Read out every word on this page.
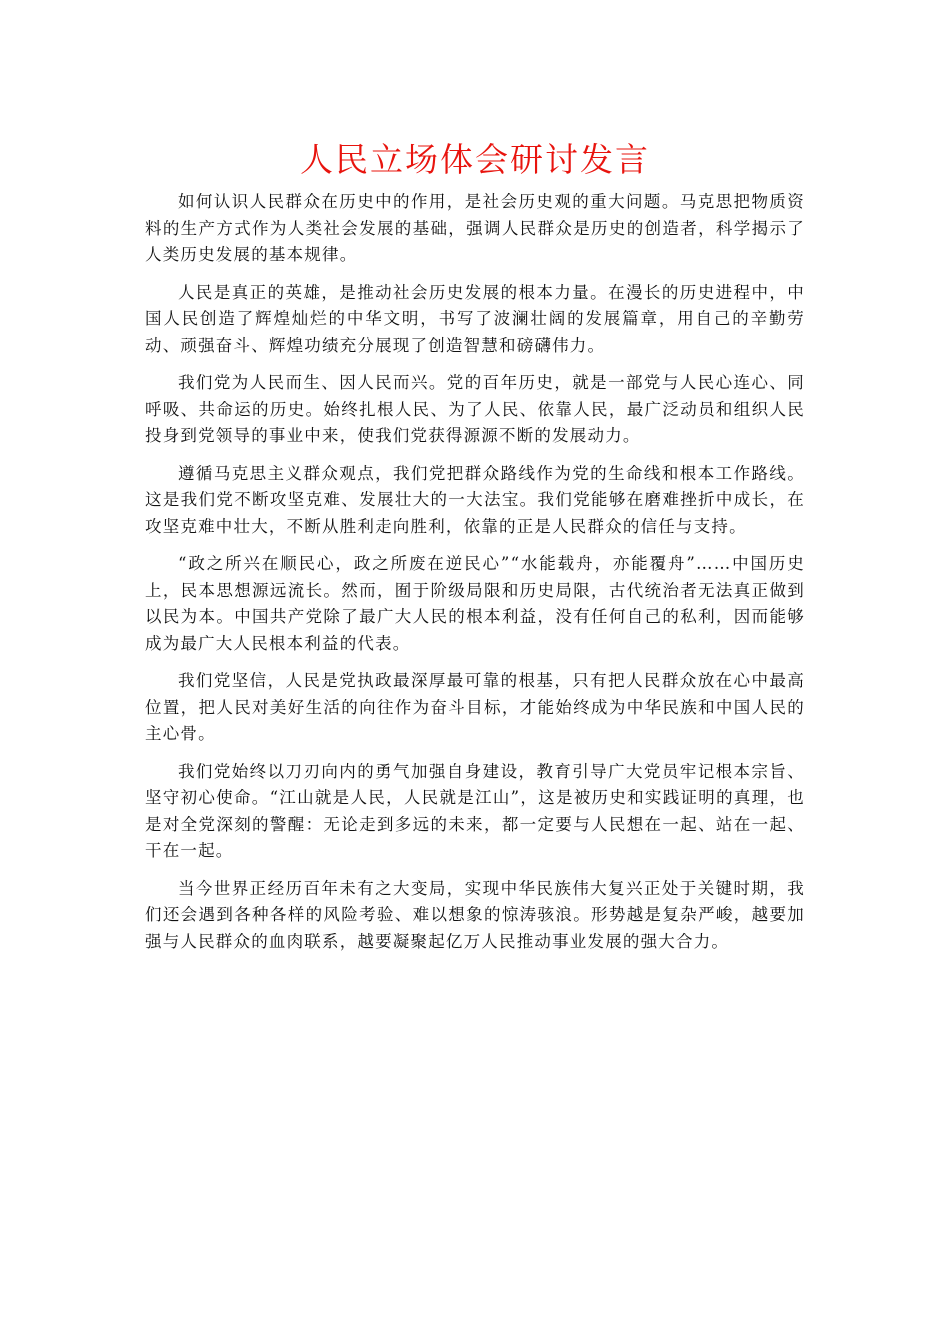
人民立场体会研讨发言

如何认识人民群众在历史中的作用，是社会历史观的重大问题。马克思把物质资料的生产方式作为人类社会发展的基础，强调人民群众是历史的创造者，科学揭示了人类历史发展的基本规律。

人民是真正的英雄，是推动社会历史发展的根本力量。在漫长的历史进程中，中国人民创造了辉煌灿烂的中华文明，书写了波澜壮阔的发展篇章，用自己的辛勤劳动、顽强奋斗、辉煌功绩充分展现了创造智慧和磅礴伟力。

我们党为人民而生、因人民而兴。党的百年历史，就是一部党与人民心连心、同呼吸、共命运的历史。始终扎根人民、为了人民、依靠人民，最广泛动员和组织人民投身到党领导的事业中来，使我们党获得源源不断的发展动力。

遵循马克思主义群众观点，我们党把群众路线作为党的生命线和根本工作路线。这是我们党不断攻坚克难、发展壮大的一大法宝。我们党能够在磨难挫折中成长，在攻坚克难中壮大，不断从胜利走向胜利，依靠的正是人民群众的信任与支持。

“政之所兴在顺民心，政之所废在逆民心”“水能载舟，亦能覆舟”……中国历史上，民本思想源远流长。然而，囿于阶级局限和历史局限，古代统治者无法真正做到以民为本。中国共产党除了最广大人民的根本利益，没有任何自己的私利，因而能够成为最广大人民根本利益的代表。

我们党坚信，人民是党执政最深厚最可靠的根基，只有把人民群众放在心中最高位置，把人民对美好生活的向往作为奋斗目标，才能始终成为中华民族和中国人民的主心骨。

我们党始终以刀刃向内的勇气加强自身建设，教育引导广大党员牢记根本宗旨、坚守初心使命。“江山就是人民，人民就是江山”，这是被历史和实践证明的真理，也是对全党深刻的警醒：无论走到多远的未来，都一定要与人民想在一起、站在一起、干在一起。

当今世界正经历百年未有之大变局，实现中华民族伟大复兴正处于关键时期，我们还会遇到各种各样的风险考验、难以想象的惊涛骇浪。形势越是复杂严峻，越要加强与人民群众的血肉联系，越要凝聚起亿万人民推动事业发展的强大合力。
